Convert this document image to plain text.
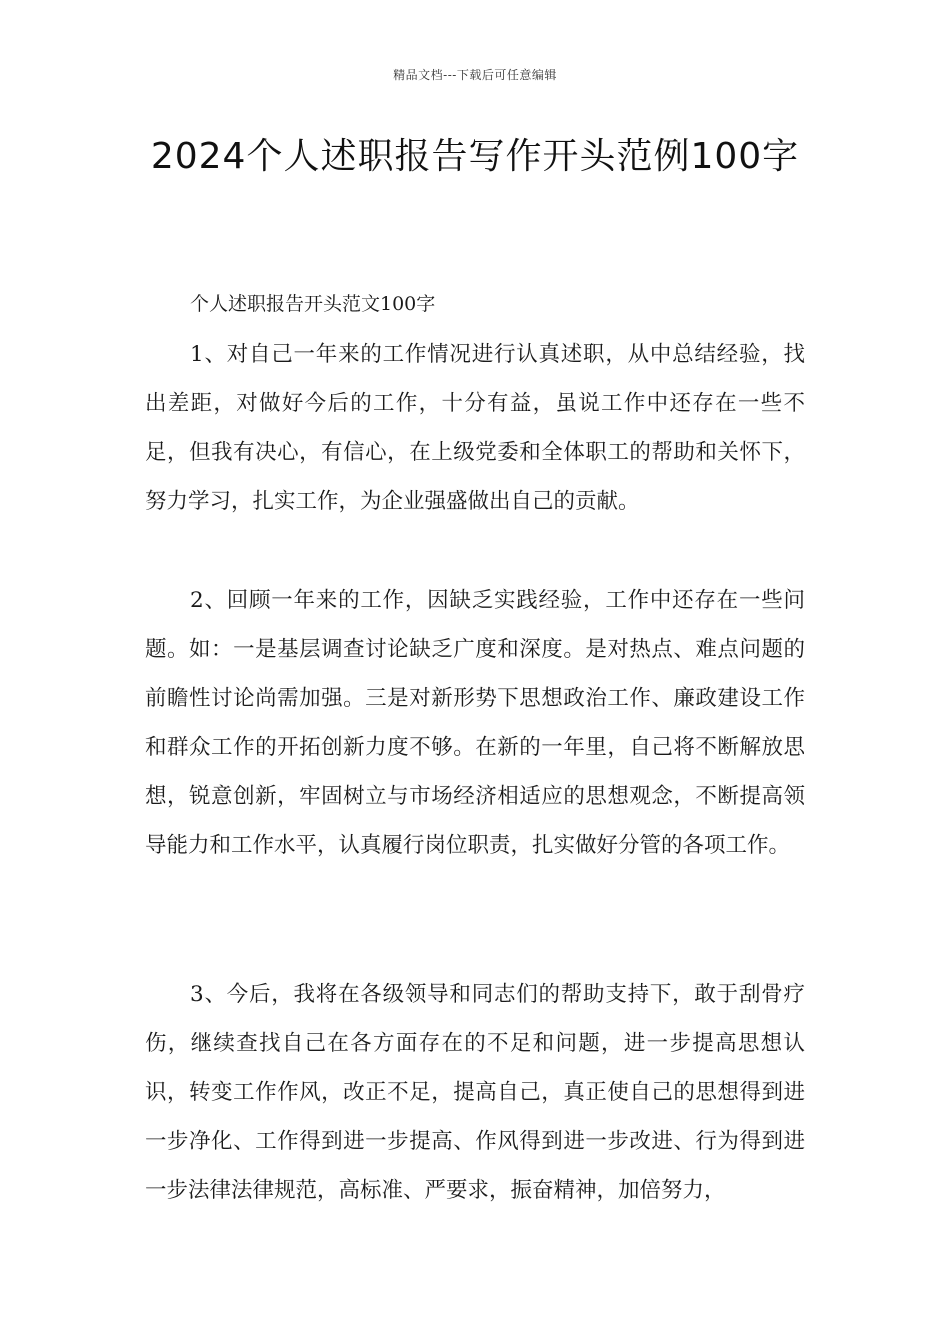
精品文档---下载后可任意编辑
2024个人述职报告写作开头范例100字
个人述职报告开头范文100字

1、对自己一年来的工作情况进行认真述职，从中总结经验，找出差距，对做好今后的工作，十分有益，虽说工作中还存在一些不足，但我有决心，有信心，在上级党委和全体职工的帮助和关怀下，努力学习，扎实工作，为企业强盛做出自己的贡献。

2、回顾一年来的工作，因缺乏实践经验，工作中还存在一些问题。如：一是基层调查讨论缺乏广度和深度。是对热点、难点问题的前瞻性讨论尚需加强。三是对新形势下思想政治工作、廉政建设工作和群众工作的开拓创新力度不够。在新的一年里，自己将不断解放思想，锐意创新，牢固树立与市场经济相适应的思想观念，不断提高领导能力和工作水平，认真履行岗位职责，扎实做好分管的各项工作。

3、今后，我将在各级领导和同志们的帮助支持下，敢于刮骨疗伤，继续查找自己在各方面存在的不足和问题，进一步提高思想认识，转变工作作风，改正不足，提高自己，真正使自己的思想得到进一步净化、工作得到进一步提高、作风得到进一步改进、行为得到进一步法律法律规范，高标准、严要求，振奋精神，加倍努力，
